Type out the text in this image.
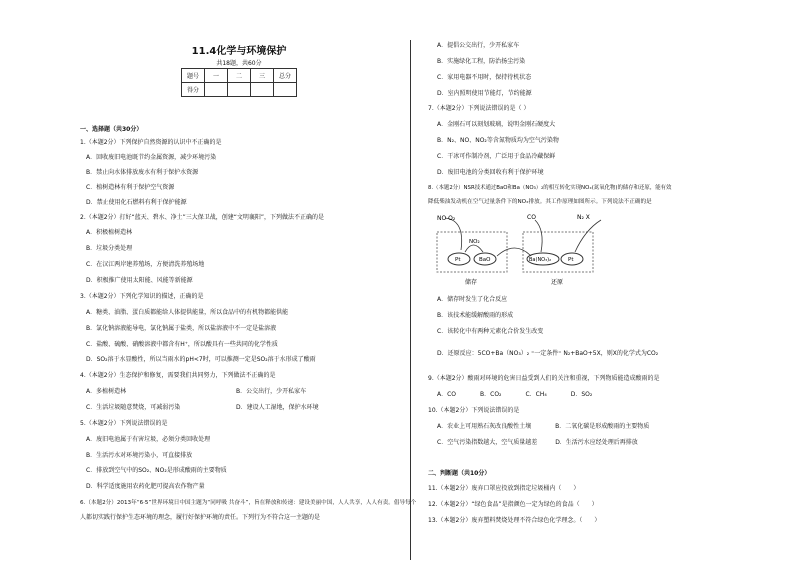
11.4化学与环境保护
共18题，共60分
题号	一	二	三	总分
得分				
一、选择题（共30分）
1.（本题2分）下列保护自然资源的认识中不正确的是
A．回收废旧电池既节约金属资源，减少环境污染
B．禁止向水体排放废水有利于保护水资源
C．植树造林有利于保护空气资源
D．禁止使用化石燃料有利于保护能源
2.（本题2分）打好“蓝天、碧水、净土”三大保卫战，创建“文明襄阳”，下列做法不正确的是
A．积极植树造林
B．垃圾分类处理
C．在汉江两岸建养殖场，方便清洗养殖场地
D．积极推广使用太阳能、风能等新能源
3.（本题2分）下列化学知识的描述，正确的是
A．糖类、油脂、蛋白质都能给人体提供能量，所以食品中的有机物都能供能
B．氯化钠溶液能导电，氯化钠属于盐类，所以盐溶液中不一定是盐溶液
C．盐酸、硫酸、硝酸溶液中都含有H⁺，所以酸具有一些共同的化学性质
D．SO₂溶于水显酸性，所以当雨水的pH<7时，可以推测一定是SO₂溶于水形成了酸雨
4.（本题2分）生态保护和修复，需要我们共同努力，下列做法不正确的是
A．多植树造林	B．公交出行，少开私家车
C．生活垃圾随意焚烧，可减弱污染	D．建设人工湿地，保护水环境
5.（本题2分）下列说法错误的是
A．废旧电池属于有害垃圾，必须分类回收处理
B．生活污水对环境污染小，可直接排放
C．排放到空气中的SO₂、NO₂是形成酸雨的主要物质
D．科学适度施用农药化肥可提高农作物产量
6.（本题2分）2013年“6·5”世界环境日中国主题为“同呼吸 共奋斗”，旨在释放和传递：建设美丽中国，人人共享，人人有责。倡导每个
人都切实践行保护生态环境的理念，履行好保护环境的责任。下列行为不符合这一主题的是
A．提倡公交出行，少开私家车
B．实施绿化工程，防治扬尘污染
C．家用电器不用时，保持待机状态
D．室内照明使用节能灯，节约能源
7.（本题2分）下列说法错误的是（ ）
A．金刚石可以刻划玻璃，说明金刚石硬度大
B．N₂、NO、NO₂等含氮物质均为空气污染物
C．干冰可作制冷剂，广泛用于食品冷藏保鲜
D．废旧电池的分类回收有利于保护环境
8.（本题2分）NSR技术通过BaO和Ba（NO₃）₂的相互转化实现NOₓ(氮氧化物)的储存和还原，能有效
降低柴油发动机在空气过量条件下的NOₓ排放。其工作原理如图所示。下列说法不正确的是
NO O₂
NO₂
Pt	BaO	Ba(NO₃)₂	Pt
CO	N₂ X
储存	还原
A．储存时发生了化合反应
B．该技术能缓解酸雨的形成
C．该转化中有两种元素化合价发生改变
D．还原反应：5CO+Ba（NO₃）₂ ⁼一定条件⁼ N₂+BaO+5X，则X的化学式为CO₂
9.（本题2分）酸雨对环境的危害日益受到人们的关注和重视，下列物质能造成酸雨的是
A．CO　　　　B．CO₂　　　　C．CH₄　　　　D．SO₂
10.（本题2分）下列说法错误的是
A．农业上可用熟石灰改良酸性土壤　　　　B．二氧化碳是形成酸雨的主要物质
C．空气污染指数越大，空气质量越差　　　D．生活污水应经处理后再排放
二、判断题（共10分）
11.（本题2分）废弃口罩应投放到指定垃圾桶内（　　）
12.（本题2分）“绿色食品”是指颜色一定为绿色的食品（　　）
13.（本题2分）废弃塑料焚烧处理不符合绿色化学理念。（　　）
